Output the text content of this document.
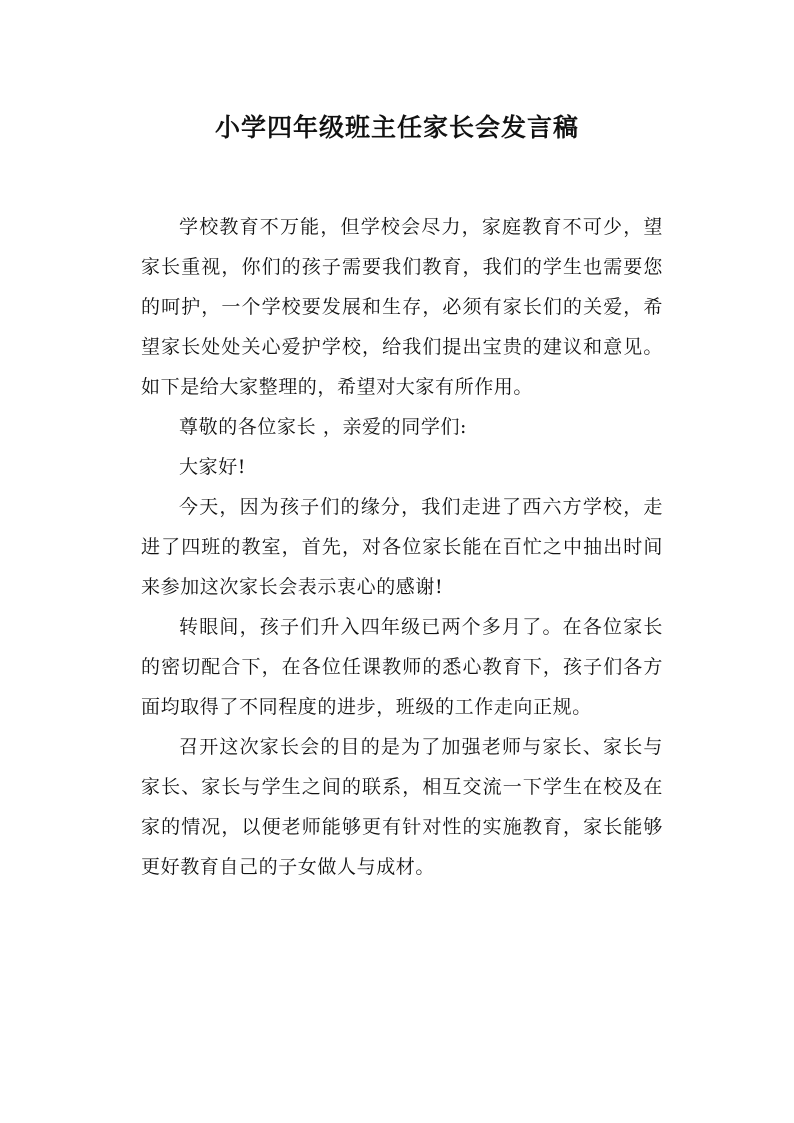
小学四年级班主任家长会发言稿

学校教育不万能，但学校会尽力，家庭教育不可少，望家长重视，你们的孩子需要我们教育，我们的学生也需要您的呵护，一个学校要发展和生存，必须有家长们的关爱，希望家长处处关心爱护学校，给我们提出宝贵的建议和意见。如下是给大家整理的，希望对大家有所作用。

尊敬的各位家长 ，亲爱的同学们:

大家好!

今天，因为孩子们的缘分，我们走进了西六方学校，走进了四班的教室，首先，对各位家长能在百忙之中抽出时间来参加这次家长会表示衷心的感谢!

转眼间，孩子们升入四年级已两个多月了。在各位家长的密切配合下，在各位任课教师的悉心教育下，孩子们各方面均取得了不同程度的进步，班级的工作走向正规。

召开这次家长会的目的是为了加强老师与家长、家长与家长、家长与学生之间的联系，相互交流一下学生在校及在家的情况，以便老师能够更有针对性的实施教育，家长能够更好教育自己的子女做人与成材。
